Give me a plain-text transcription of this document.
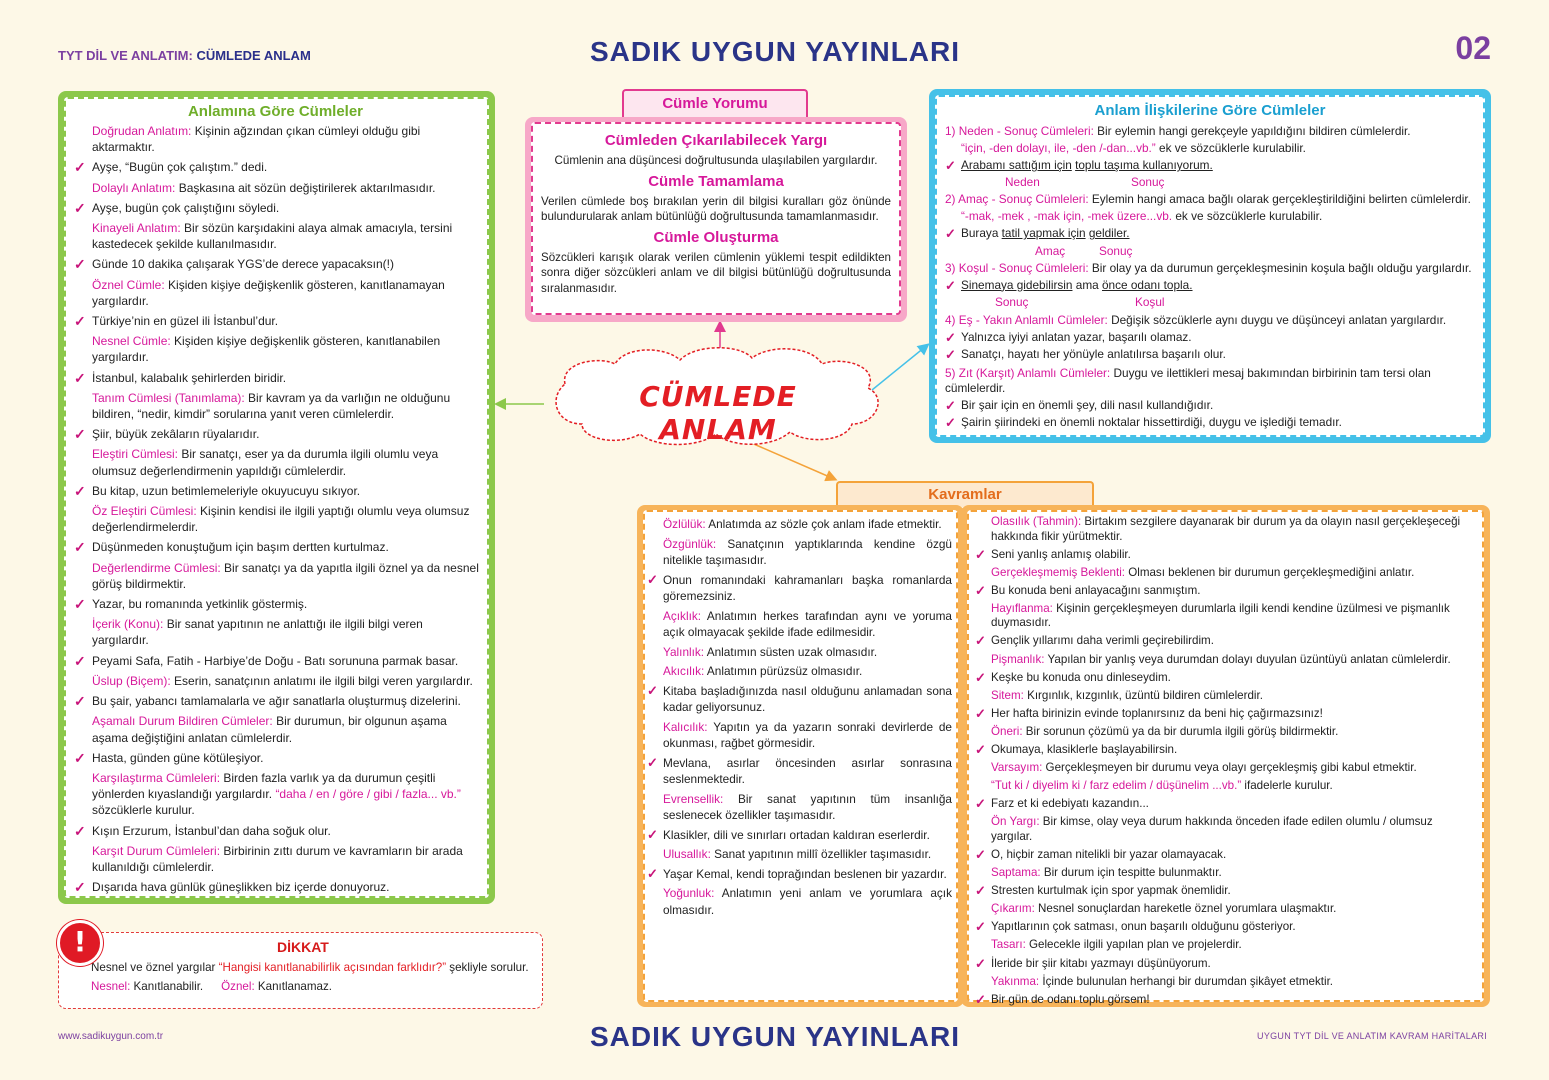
TYT DİL VE ANLATIM: CÜMLEDE ANLAM	SADIK UYGUN YAYINLARI	02
CÜMLEDE ANLAM
Anlamına Göre Cümleler
Doğrudan Anlatım: Kişinin ağzından çıkan cümleyi olduğu gibi aktarmaktır.
✓ Ayşe, “Bugün çok çalıştım.” dedi.
Dolaylı Anlatım: Başkasına ait sözün değiştirilerek aktarılmasıdır.
✓ Ayşe, bugün çok çalıştığını söyledi.
Kinayeli Anlatım: Bir sözün karşıdakini alaya almak amacıyla, tersini kastedecek şekilde kullanılmasıdır.
✓ Günde 10 dakika çalışarak YGS’de derece yapacaksın(!)
Öznel Cümle: Kişiden kişiye değişkenlik gösteren, kanıtlanamayan yargılardır.
✓ Türkiye’nin en güzel ili İstanbul’dur.
Nesnel Cümle: Kişiden kişiye değişkenlik gösteren, kanıtlanabilen yargılardır.
✓ İstanbul, kalabalık şehirlerden biridir.
Tanım Cümlesi (Tanımlama): Bir kavram ya da varlığın ne olduğunu bildiren, “nedir, kimdir” sorularına yanıt veren cümlelerdir.
✓ Şiir, büyük zekâların rüyalarıdır.
Eleştiri Cümlesi: Bir sanatçı, eser ya da durumla ilgili olumlu veya olumsuz değerlendirmenin yapıldığı cümlelerdir.
✓ Bu kitap, uzun betimlemeleriyle okuyucuyu sıkıyor.
Öz Eleştiri Cümlesi: Kişinin kendisi ile ilgili yaptığı olumlu veya olumsuz değerlendirmelerdir.
✓ Düşünmeden konuştuğum için başım dertten kurtulmaz.
Değerlendirme Cümlesi: Bir sanatçı ya da yapıtla ilgili öznel ya da nesnel görüş bildirmektir.
✓ Yazar, bu romanında yetkinlik göstermiş.
İçerik (Konu): Bir sanat yapıtının ne anlattığı ile ilgili bilgi veren yargılardır.
✓ Peyami Safa, Fatih - Harbiye’de Doğu - Batı sorununa parmak basar.
Üslup (Biçem): Eserin, sanatçının anlatımı ile ilgili bilgi veren yargılardır.
✓ Bu şair, yabancı tamlamalarla ve ağır sanatlarla oluşturmuş dizelerini.
Aşamalı Durum Bildiren Cümleler: Bir durumun, bir olgunun aşama aşama değiştiğini anlatan cümlelerdir.
✓ Hasta, günden güne kötüleşiyor.
Karşılaştırma Cümleleri: Birden fazla varlık ya da durumun çeşitli yönlerden kıyaslandığı yargılardır. “daha / en / göre / gibi / fazla... vb.” sözcüklerle kurulur.
✓ Kışın Erzurum, İstanbul’dan daha soğuk olur.
Karşıt Durum Cümleleri: Birbirinin zıttı durum ve kavramların bir arada kullanıldığı cümlelerdir.
✓ Dışarıda hava günlük güneşlikken biz içerde donuyoruz.
Cümle Yorumu
Cümleden Çıkarılabilecek Yargı
Cümlenin ana düşüncesi doğrultusunda ulaşılabilen yargılardır.
Cümle Tamamlama
Verilen cümlede boş bırakılan yerin dil bilgisi kuralları göz önünde bulundurularak anlam bütünlüğü doğrultusunda tamamlanmasıdır.
Cümle Oluşturma
Sözcükleri karışık olarak verilen cümlenin yüklemi tespit edildikten sonra diğer sözcükleri anlam ve dil bilgisi bütünlüğü doğrultusunda sıralanmasıdır.
Anlam İlişkilerine Göre Cümleler
1) Neden - Sonuç Cümleleri: Bir eylemin hangi gerekçeyle yapıldığını bildiren cümlelerdir.
“için, -den dolayı, ile, -den /-dan...vb.” ek ve sözcüklerle kurulabilir.
✓ Arabamı sattığım için toplu taşıma kullanıyorum.
Neden	Sonuç
2) Amaç - Sonuç Cümleleri: Eylemin hangi amaca bağlı olarak gerçekleştirildiğini belirten cümlelerdir.
“-mak, -mek , -mak için, -mek üzere...vb. ek ve sözcüklerle kurulabilir.
✓ Buraya tatil yapmak için geldiler.
Amaç	Sonuç
3) Koşul - Sonuç Cümleleri: Bir olay ya da durumun gerçekleşmesinin koşula bağlı olduğu yargılardır.
✓ Sinemaya gidebilirsin ama önce odanı topla.
Sonuç	Koşul
4) Eş - Yakın Anlamlı Cümleler: Değişik sözcüklerle aynı duygu ve düşünceyi anlatan yargılardır.
✓ Yalnızca iyiyi anlatan yazar, başarılı olamaz.
✓ Sanatçı, hayatı her yönüyle anlatılırsa başarılı olur.
5) Zıt (Karşıt) Anlamlı Cümleler: Duygu ve ilettikleri mesaj bakımından birbirinin tam tersi olan cümlelerdir.
✓ Bir şair için en önemli şey, dili nasıl kullandığıdır.
✓ Şairin şiirindeki en önemli noktalar hissettirdiği, duygu ve işlediği temadır.
Kavramlar
Özlülük: Anlatımda az sözle çok anlam ifade etmektir.
Özgünlük: Sanatçının yaptıklarında kendine özgü nitelikle taşımasıdır.
✓ Onun romanındaki kahramanları başka romanlarda göremezsiniz.
Açıklık: Anlatımın herkes tarafından aynı ve yoruma açık olmayacak şekilde ifade edilmesidir.
Yalınlık: Anlatımın süsten uzak olmasıdır.
Akıcılık: Anlatımın pürüzsüz olmasıdır.
✓ Kitaba başladığınızda nasıl olduğunu anlamadan sona kadar geliyorsunuz.
Kalıcılık: Yapıtın ya da yazarın sonraki devirlerde de okunması, rağbet görmesidir.
✓ Mevlana, asırlar öncesinden asırlar sonrasına seslenmektedir.
Evrensellik: Bir sanat yapıtının tüm insanlığa seslenecek özellikler taşımasıdır.
✓ Klasikler, dili ve sınırları ortadan kaldıran eserlerdir.
Ulusallık: Sanat yapıtının millî özellikler taşımasıdır.
✓ Yaşar Kemal, kendi toprağından beslenen bir yazardır.
Yoğunluk: Anlatımın yeni anlam ve yorumlara açık olmasıdır.
Olasılık (Tahmin): Birtakım sezgilere dayanarak bir durum ya da olayın nasıl gerçekleşeceği hakkında fikir yürütmektir.
✓ Seni yanlış anlamış olabilir.
Gerçekleşmemiş Beklenti: Olması beklenen bir durumun gerçekleşmediğini anlatır.
✓ Bu konuda beni anlayacağını sanmıştım.
Hayıflanma: Kişinin gerçekleşmeyen durumlarla ilgili kendi kendine üzülmesi ve pişmanlık duymasıdır.
✓ Gençlik yıllarımı daha verimli geçirebilirdim.
Pişmanlık: Yapılan bir yanlış veya durumdan dolayı duyulan üzüntüyü anlatan cümlelerdir.
✓ Keşke bu konuda onu dinleseydim.
Sitem: Kırgınlık, kızgınlık, üzüntü bildiren cümlelerdir.
✓ Her hafta birinizin evinde toplanırsınız da beni hiç çağırmazsınız!
Öneri: Bir sorunun çözümü ya da bir durumla ilgili görüş bildirmektir.
✓ Okumaya, klasiklerle başlayabilirsin.
Varsayım: Gerçekleşmeyen bir durumu veya olayı gerçekleşmiş gibi kabul etmektir.
“Tut ki / diyelim ki / farz edelim / düşünelim ...vb.” ifadelerle kurulur.
✓ Farz et ki edebiyatı kazandın...
Ön Yargı: Bir kimse, olay veya durum hakkında önceden ifade edilen olumlu / olumsuz yargılar.
✓ O, hiçbir zaman nitelikli bir yazar olamayacak.
Saptama: Bir durum için tespitte bulunmaktır.
✓ Stresten kurtulmak için spor yapmak önemlidir.
Çıkarım: Nesnel sonuçlardan hareketle öznel yorumlara ulaşmaktır.
✓ Yapıtlarının çok satması, onun başarılı olduğunu gösteriyor.
Tasarı: Gelecekle ilgili yapılan plan ve projelerdir.
✓ İleride bir şiir kitabı yazmayı düşünüyorum.
Yakınma: İçinde bulunulan herhangi bir durumdan şikâyet etmektir.
✓ Bir gün de odanı toplu görsem!
DİKKAT
Nesnel ve öznel yargılar “Hangisi kanıtlanabilirlik açısından farklıdır?” şekliyle sorulur.
Nesnel: Kanıtlanabilir. Öznel: Kanıtlanamaz.
!
www.sadikuygun.com.tr	SADIK UYGUN YAYINLARI	UYGUN TYT DİL VE ANLATIM KAVRAM HARİTALARI
